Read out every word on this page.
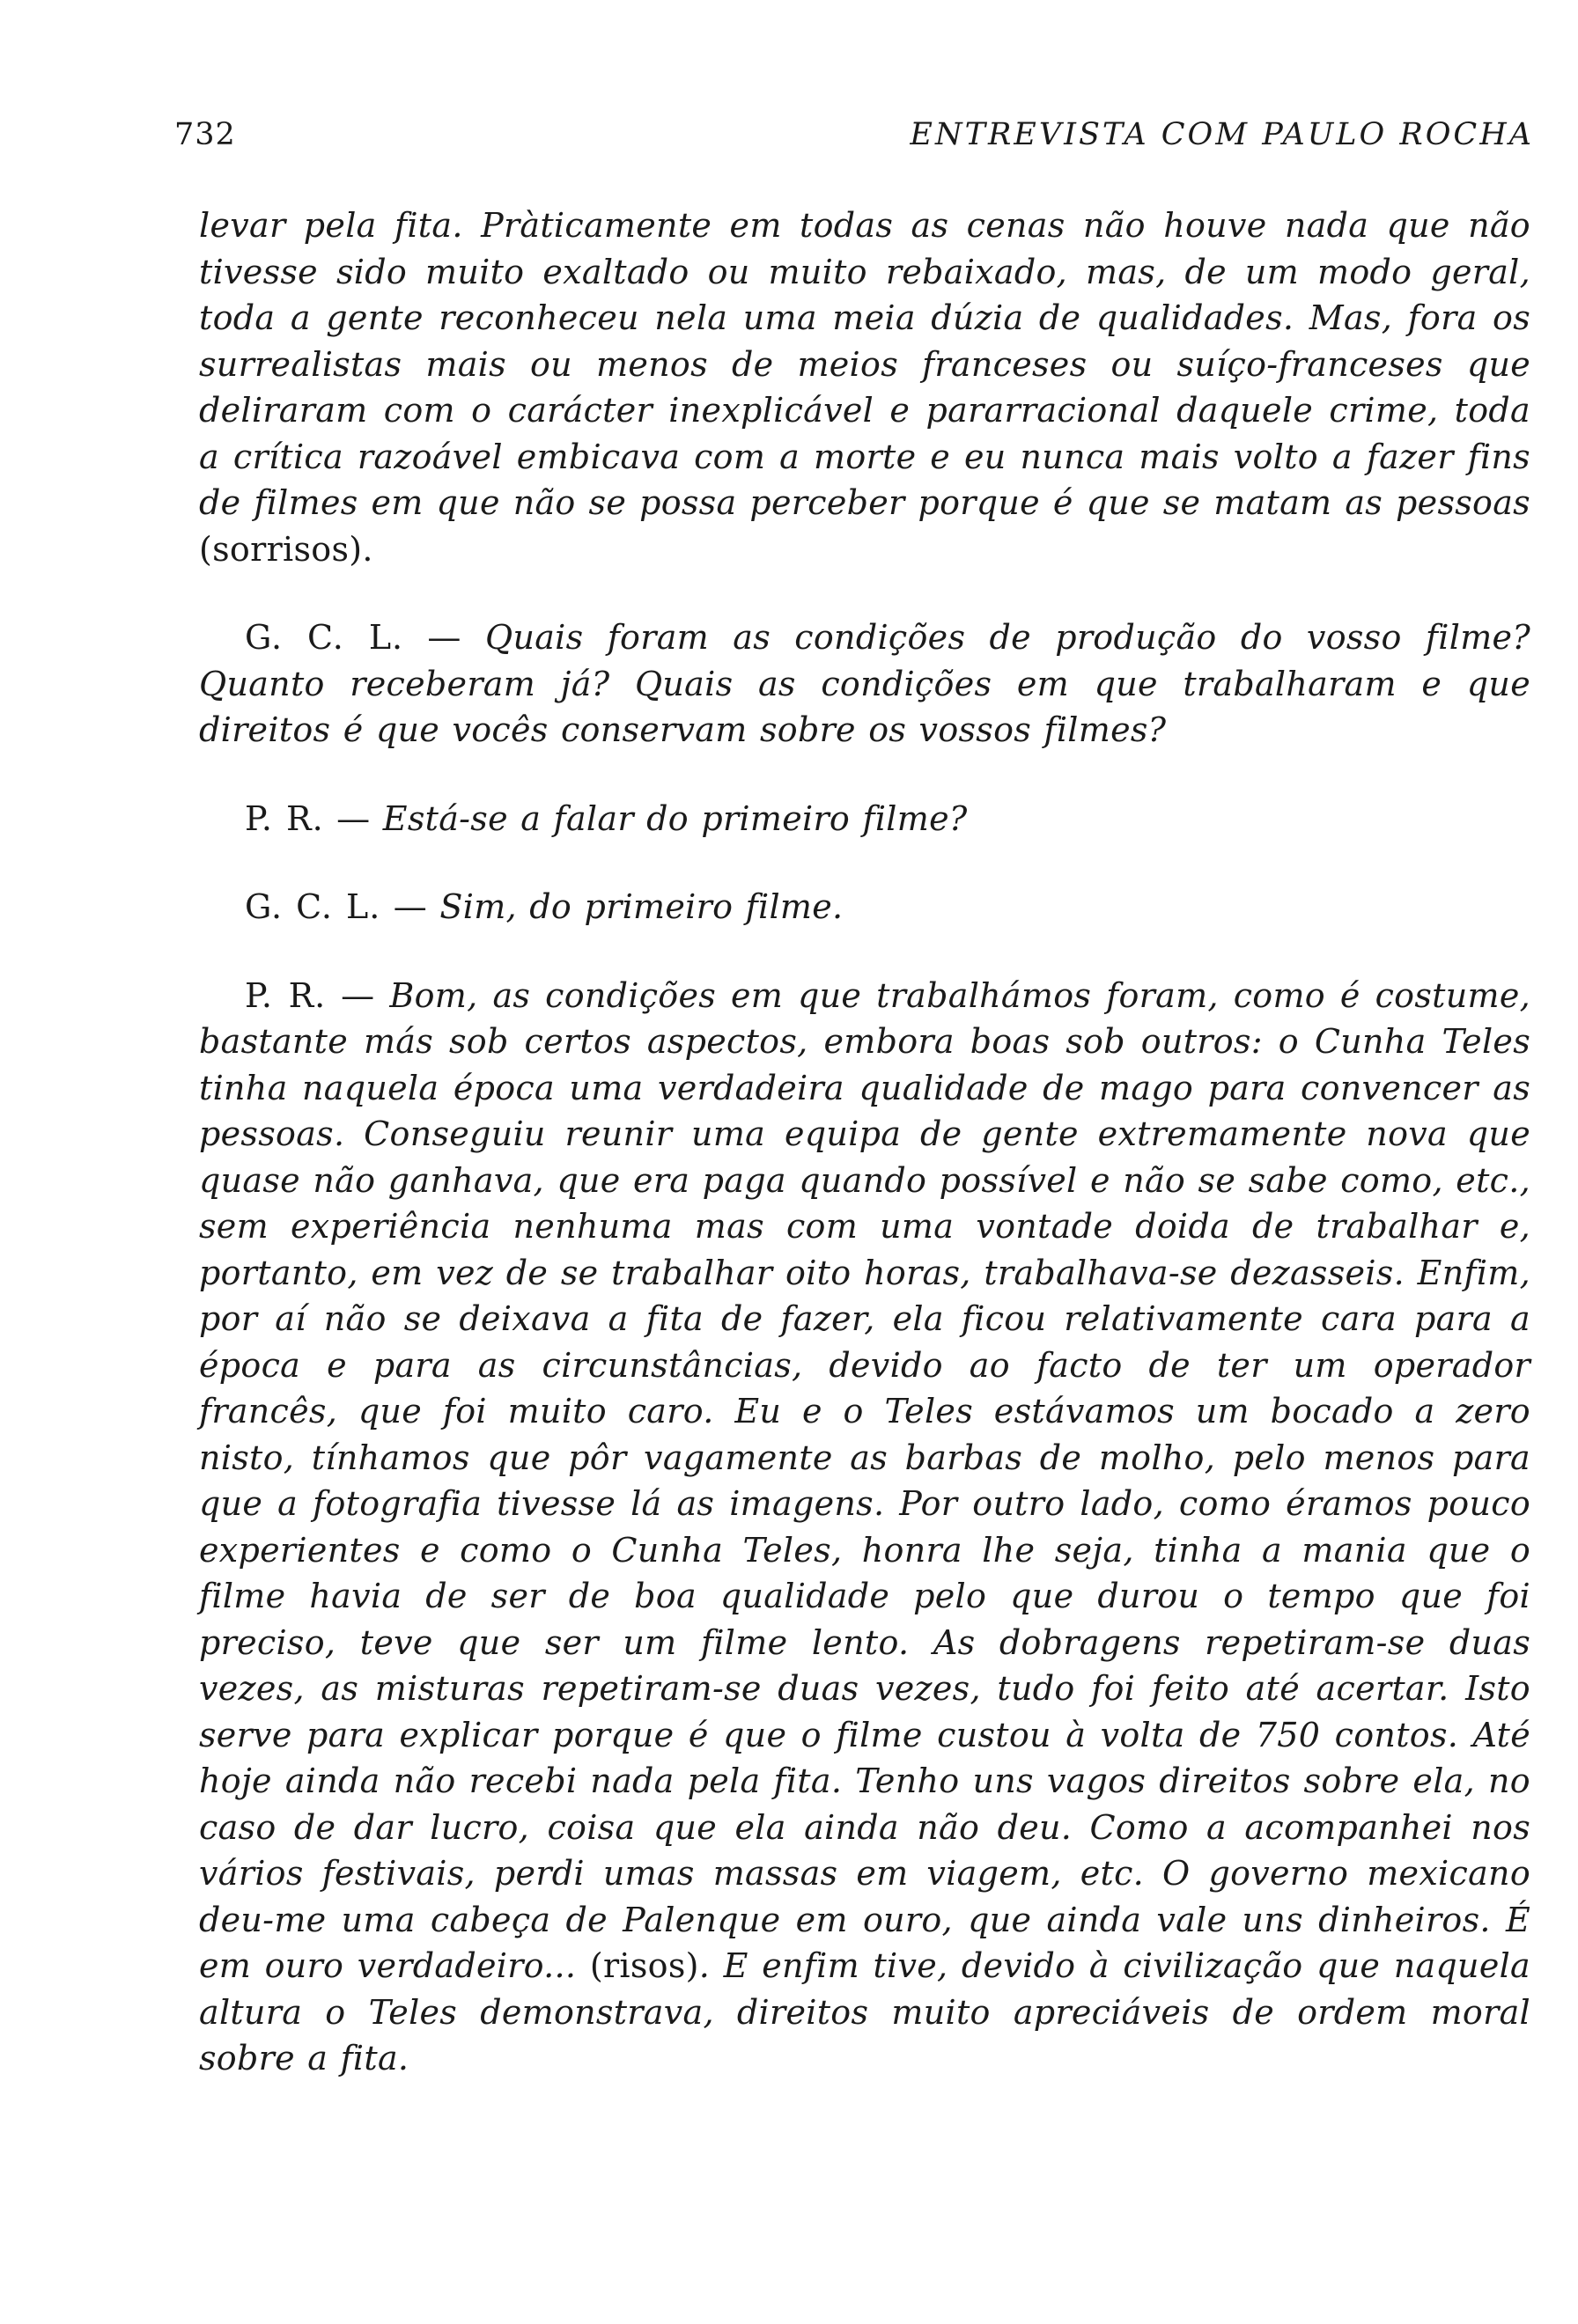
732	ENTREVISTA COM PAULO ROCHA

levar pela fita. Pràticamente em todas as cenas não houve nada que não tivesse sido muito exaltado ou muito rebaixado, mas, de um modo geral, toda a gente reconheceu nela uma meia dúzia de qualidades. Mas, fora os surrealistas mais ou menos de meios franceses ou suíço-franceses que deliraram com o carácter inexplicável e pararracional daquele crime, toda a crítica razoável embicava com a morte e eu nunca mais volto a fazer fins de filmes em que não se possa perceber porque é que se matam as pessoas (sorrisos).

G. C. L. — Quais foram as condições de produção do vosso filme? Quanto receberam já? Quais as condições em que trabalharam e que direitos é que vocês conservam sobre os vossos filmes?

P. R. — Está-se a falar do primeiro filme?

G. C. L. — Sim, do primeiro filme.

P. R. — Bom, as condições em que trabalhámos foram, como é costume, bastante más sob certos aspectos, embora boas sob outros: o Cunha Teles tinha naquela época uma verdadeira qualidade de mago para convencer as pessoas. Conseguiu reunir uma equipa de gente extremamente nova que quase não ganhava, que era paga quando possível e não se sabe como, etc., sem experiência nenhuma mas com uma vontade doida de trabalhar e, portanto, em vez de se trabalhar oito horas, trabalhava-se dezasseis. Enfim, por aí não se deixava a fita de fazer, ela ficou relativamente cara para a época e para as circunstâncias, devido ao facto de ter um operador francês, que foi muito caro. Eu e o Teles estávamos um bocado a zero nisto, tínhamos que pôr vagamente as barbas de molho, pelo menos para que a fotografia tivesse lá as imagens. Por outro lado, como éramos pouco experientes e como o Cunha Teles, honra lhe seja, tinha a mania que o filme havia de ser de boa qualidade pelo que durou o tempo que foi preciso, teve que ser um filme lento. As dobragens repetiram-se duas vezes, as misturas repetiram-se duas vezes, tudo foi feito até acertar. Isto serve para explicar porque é que o filme custou à volta de 750 contos. Até hoje ainda não recebi nada pela fita. Tenho uns vagos direitos sobre ela, no caso de dar lucro, coisa que ela ainda não deu. Como a acompanhei nos vários festivais, perdi umas massas em viagem, etc. O governo mexicano deu-me uma cabeça de Palenque em ouro, que ainda vale uns dinheiros. É em ouro verdadeiro... (risos). E enfim tive, devido à civilização que naquela altura o Teles demonstrava, direitos muito apreciáveis de ordem moral sobre a fita.
